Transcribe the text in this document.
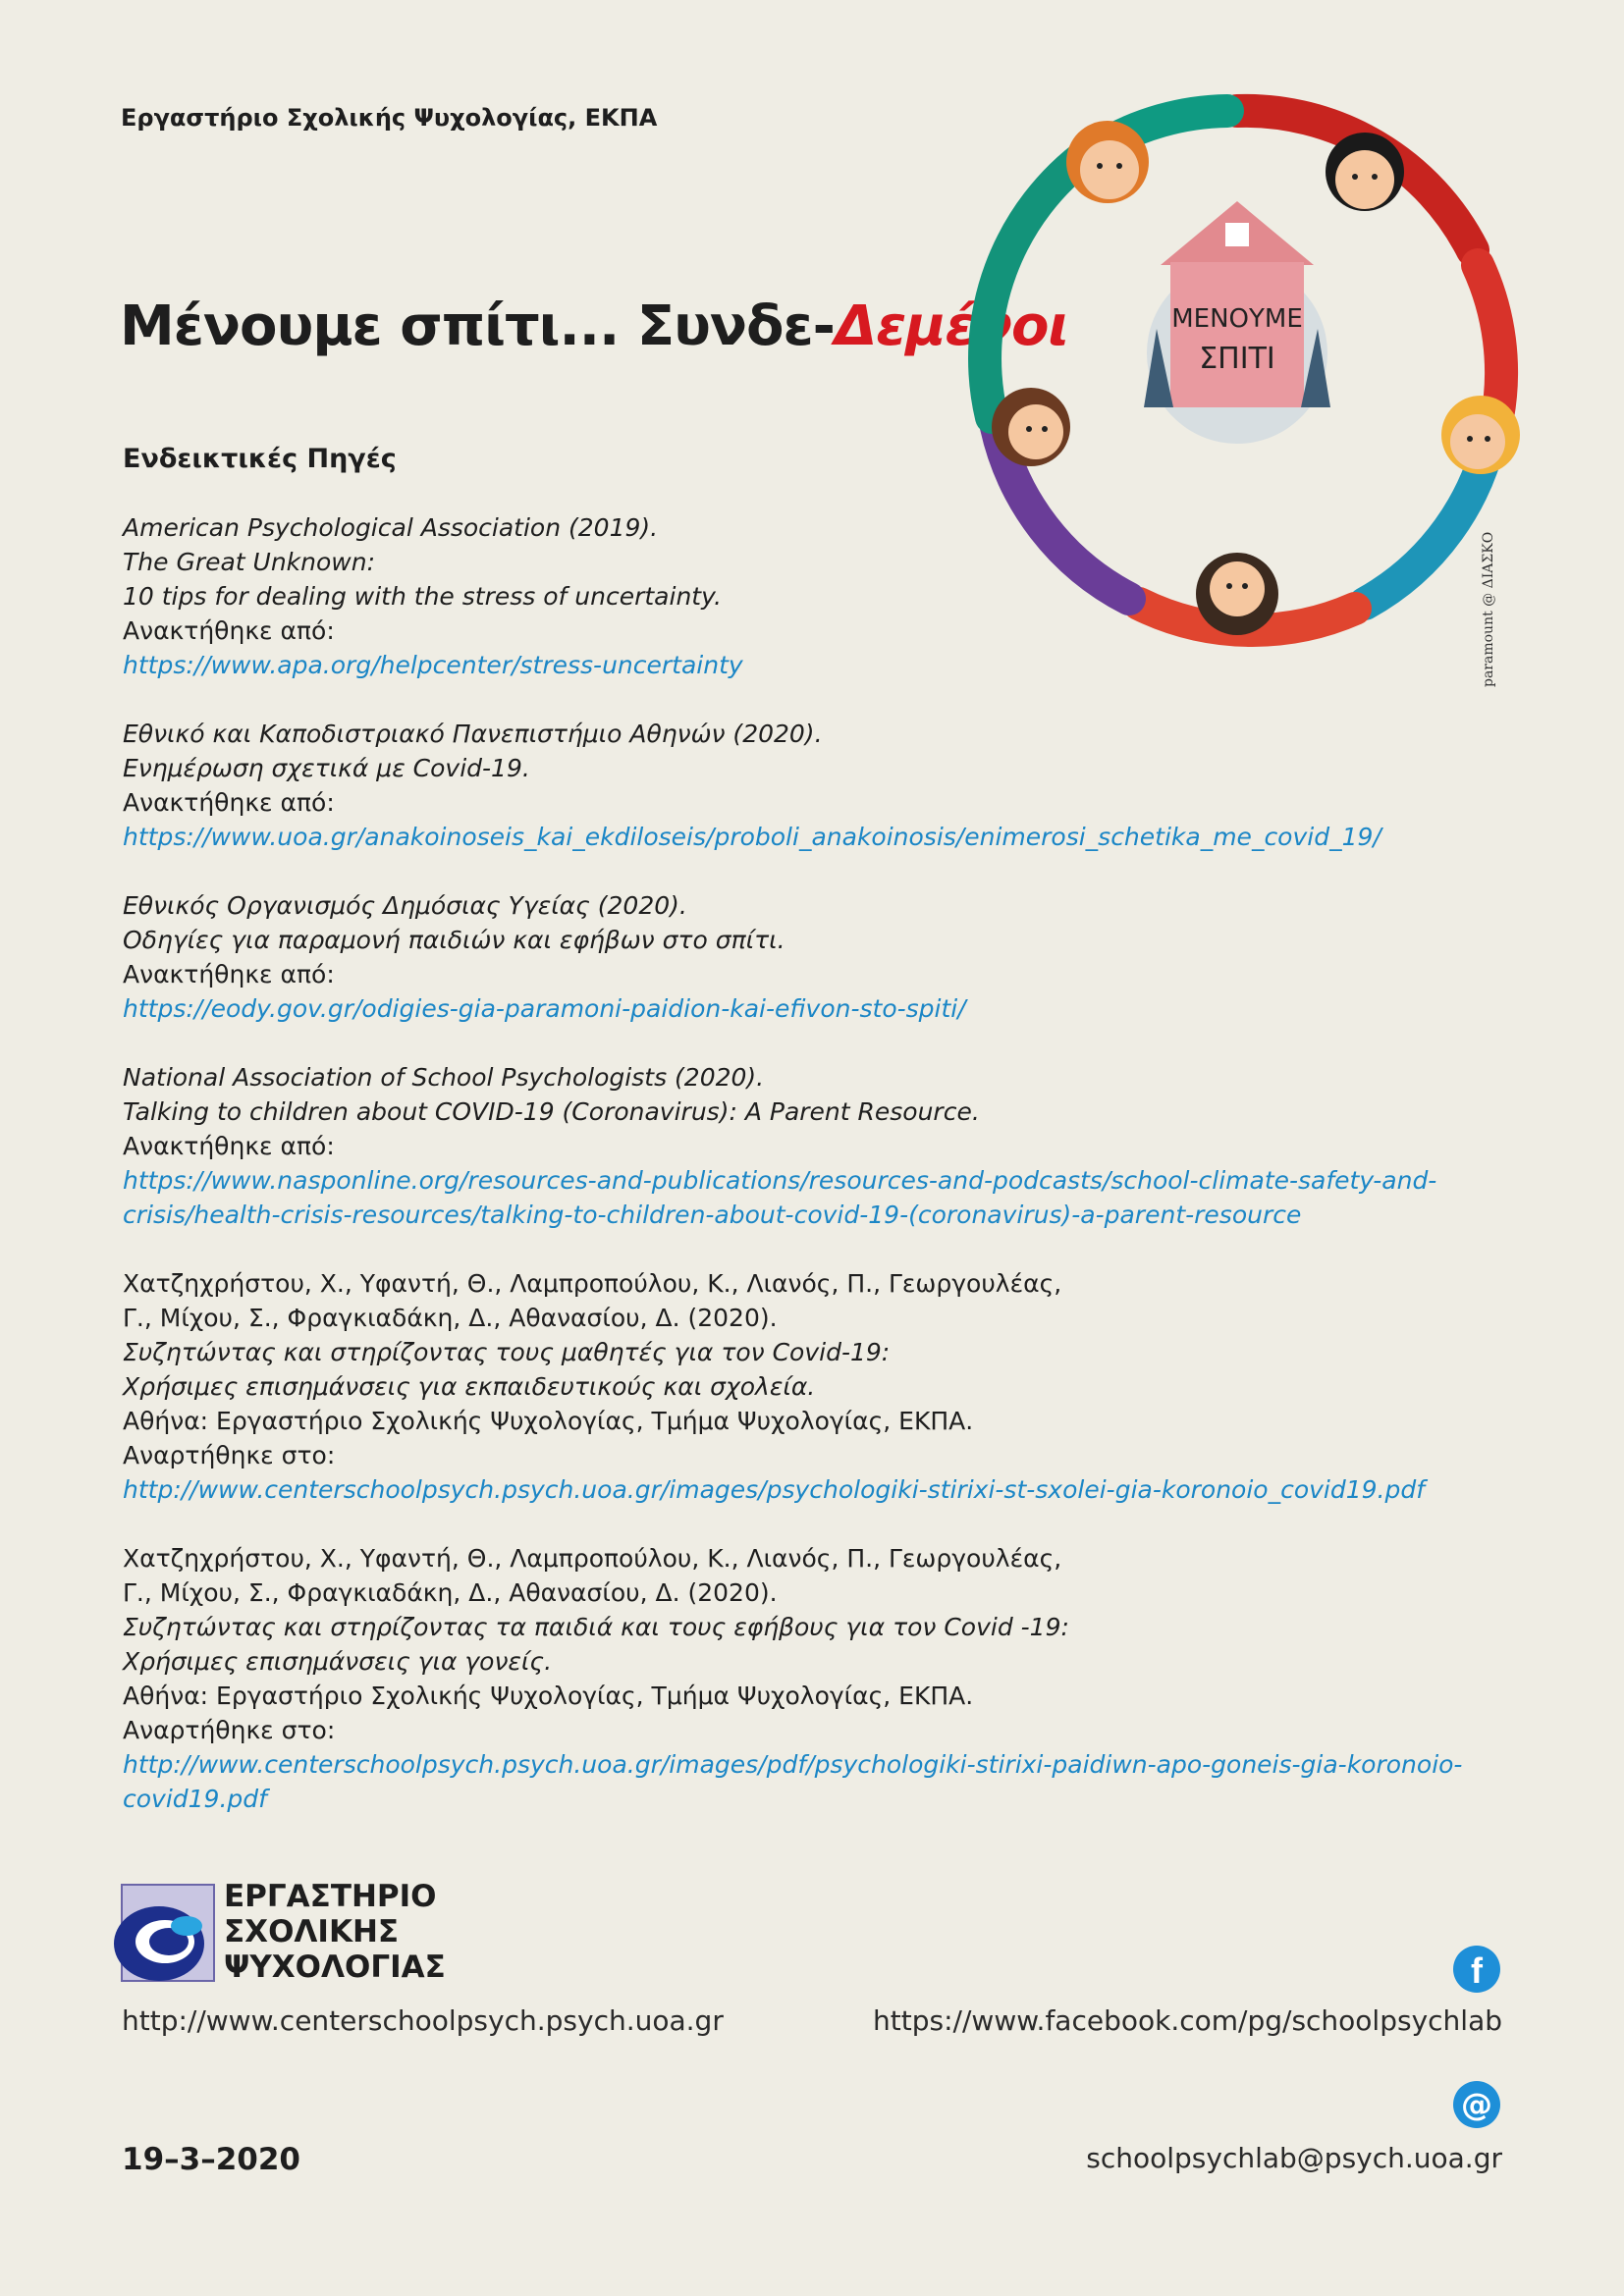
Εργαστήριο Σχολικής Ψυχολογίας, ΕΚΠΑ
Μένουμε σπίτι... Συνδε-Δεμένοι	ΜΕΝΟΥΜΕ
ΣΠΙΤΙ
paramount @ ΔΙΑΣΚΟ
Ενδεικτικές Πηγές
American Psychological Association (2019).
The Great Unknown:
10 tips for dealing with the stress of uncertainty.
Ανακτήθηκε από:
https://www.apa.org/helpcenter/stress-uncertainty
Εθνικό και Καποδιστριακό Πανεπιστήμιο Αθηνών (2020).
Ενημέρωση σχετικά με Covid-19.
Ανακτήθηκε από:
https://www.uoa.gr/anakoinoseis_kai_ekdiloseis/proboli_anakoinosis/enimerosi_schetika_me_covid_19/
Εθνικός Οργανισμός Δημόσιας Υγείας (2020).
Οδηγίες για παραμονή παιδιών και εφήβων στο σπίτι.
Ανακτήθηκε από:
https://eody.gov.gr/odigies-gia-paramoni-paidion-kai-efivon-sto-spiti/
National Association of School Psychologists (2020).
Talking to children about COVID-19 (Coronavirus): A Parent Resource.
Ανακτήθηκε από:
https://www.nasponline.org/resources-and-publications/resources-and-podcasts/school-climate-safety-and-crisis/health-crisis-resources/talking-to-children-about-covid-19-(coronavirus)-a-parent-resource
Χατζηχρήστου, Χ., Υφαντή, Θ., Λαμπροπούλου, Κ., Λιανός, Π., Γεωργουλέας,
Γ., Μίχου, Σ., Φραγκιαδάκη, Δ., Αθανασίου, Δ. (2020).
Συζητώντας και στηρίζοντας τους μαθητές για τον Covid-19:
Χρήσιμες επισημάνσεις για εκπαιδευτικούς και σχολεία.
Αθήνα: Εργαστήριο Σχολικής Ψυχολογίας, Τμήμα Ψυχολογίας, ΕΚΠΑ.
Αναρτήθηκε στο:
http://www.centerschoolpsych.psych.uoa.gr/images/psychologiki-stirixi-st-sxolei-gia-koronoio_covid19.pdf
Χατζηχρήστου, Χ., Υφαντή, Θ., Λαμπροπούλου, Κ., Λιανός, Π., Γεωργουλέας,
Γ., Μίχου, Σ., Φραγκιαδάκη, Δ., Αθανασίου, Δ. (2020).
Συζητώντας και στηρίζοντας τα παιδιά και τους εφήβους για τον Covid -19:
Χρήσιμες επισημάνσεις για γονείς.
Αθήνα: Εργαστήριο Σχολικής Ψυχολογίας, Τμήμα Ψυχολογίας, ΕΚΠΑ.
Αναρτήθηκε στο:
http://www.centerschoolpsych.psych.uoa.gr/images/pdf/psychologiki-stirixi-paidiwn-apo-goneis-gia-koronoio-covid19.pdf
ΕΡΓΑΣΤΗΡΙΟ
ΣΧΟΛΙΚΗΣ
ΨΥΧΟΛΟΓΙΑΣ
http://www.centerschoolpsych.psych.uoa.gr
f
https://www.facebook.com/pg/schoolpsychlab
@
schoolpsychlab@psych.uoa.gr
19–3–2020
